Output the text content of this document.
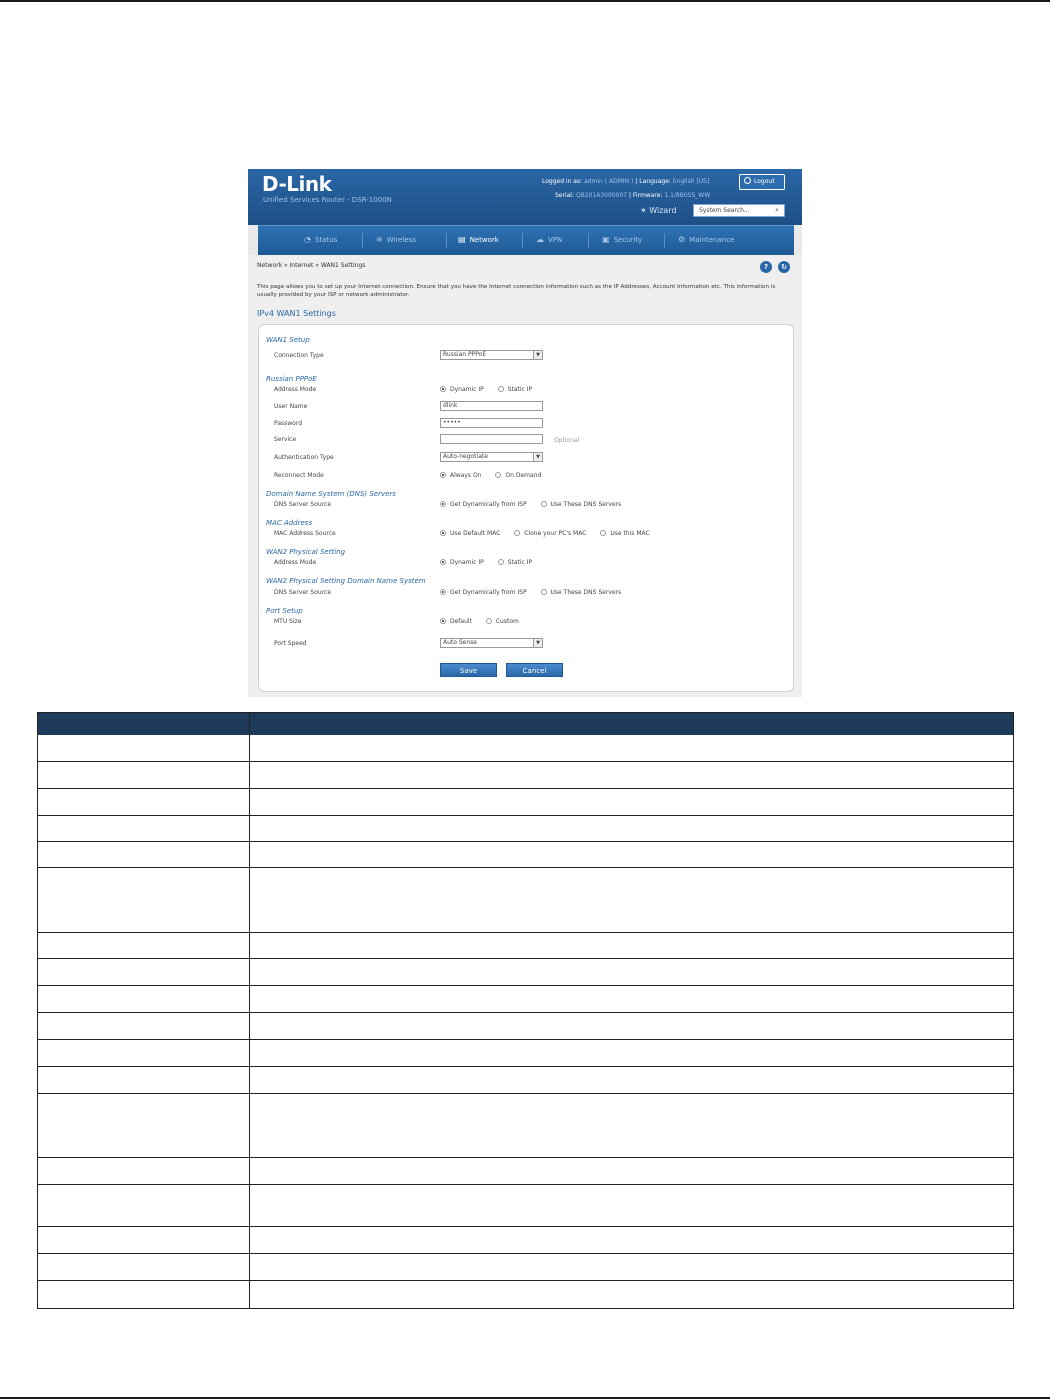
D-Link
Unified Services Router - DSR-1000N
Logged in as: admin ( ADMIN ) | Language: English [US]
Serial: QB201A3000007 | Firmware: 1.1/8B0SS_WW
Logout
✶ Wizard	System Search...	⌕
◔ Status	≋ Wireless	▤ Network	☁ VPN	▣ Security	⚙ Maintenance
Network » Internet » WAN1 Settings	?	↻
This page allows you to set up your Internet connection. Ensure that you have the Internet connection information such as the IP Addresses, Account Information etc. This information is usually provided by your ISP or network administrator.
IPv4 WAN1 Settings
WAN1 Setup
Connection Type	Russian PPPoE	▼
Russian PPPoE
Address Mode	Dynamic IP	Static IP
User Name	dlink
Password	•••••
Service	Optional
Authentication Type	Auto-negotiate	▼
Reconnect Mode	Always On	On Demand
Domain Name System (DNS) Servers
DNS Server Source	Get Dynamically from ISP	Use These DNS Servers
MAC Address
MAC Address Source	Use Default MAC	Clone your PC's MAC	Use this MAC
WAN2 Physical Setting
Address Mode	Dynamic IP	Static IP
WAN2 Physical Setting Domain Name System
DNS Server Source	Get Dynamically from ISP	Use These DNS Servers
Port Setup
MTU Size	Default	Custom
Port Speed	Auto Sense	▼
Save	Cancel
